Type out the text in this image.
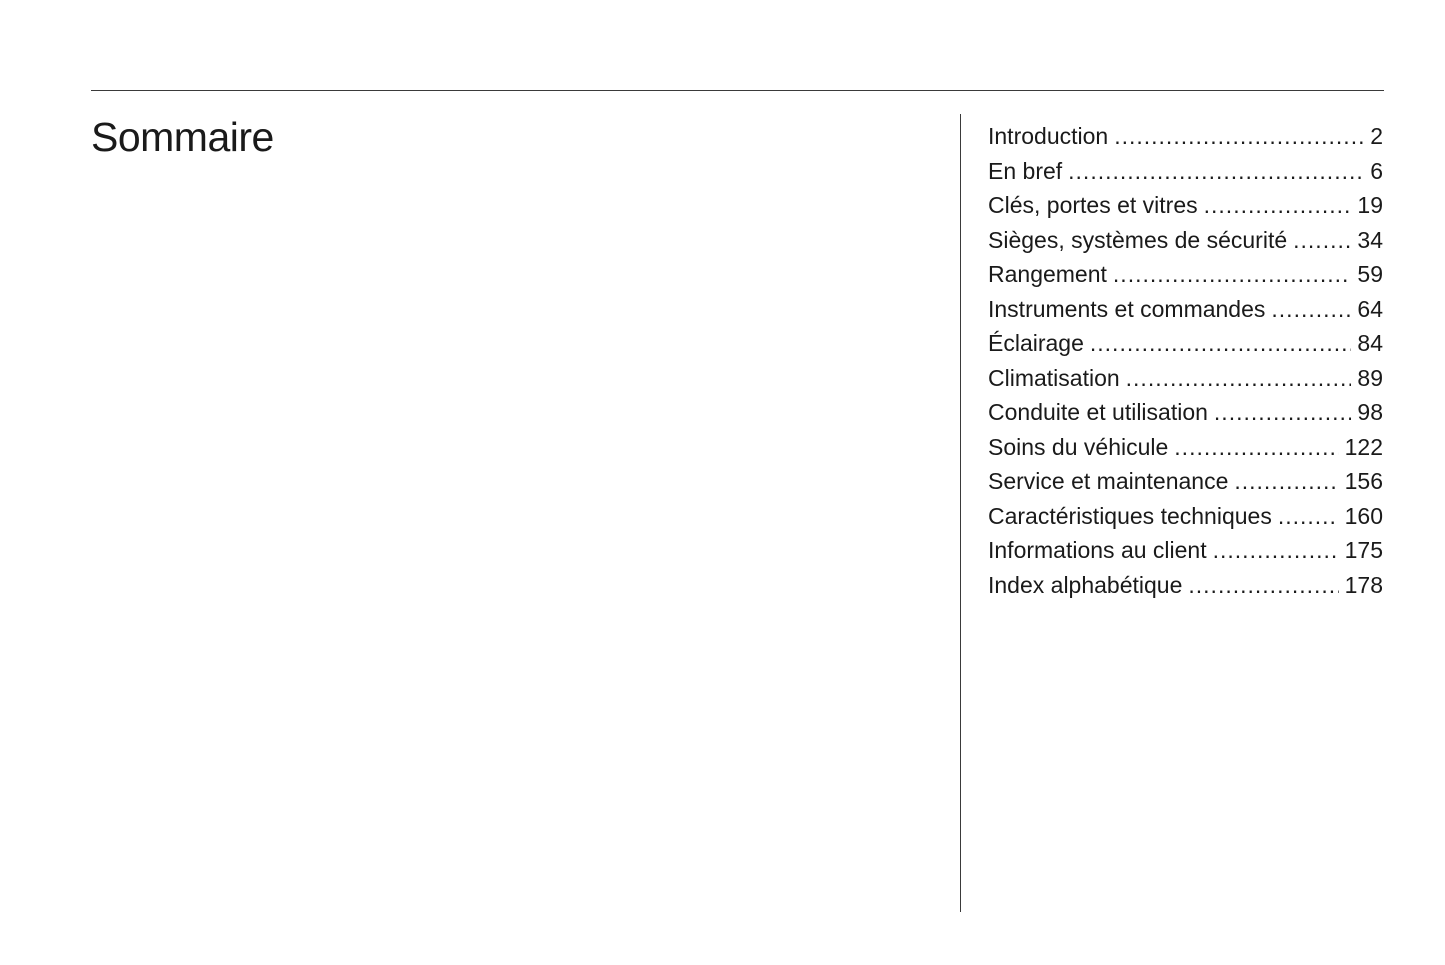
Sommaire	Introduction .....	2
En bref .....	6
Clés, portes et vitres .....	19
Sièges, systèmes de sécurité .....	34
Rangement .....	59
Instruments et commandes .....	64
Éclairage .....	84
Climatisation .....	89
Conduite et utilisation .....	98
Soins du véhicule .....	122
Service et maintenance .....	156
Caractéristiques techniques .....	160
Informations au client .....	175
Index alphabétique .....	178
